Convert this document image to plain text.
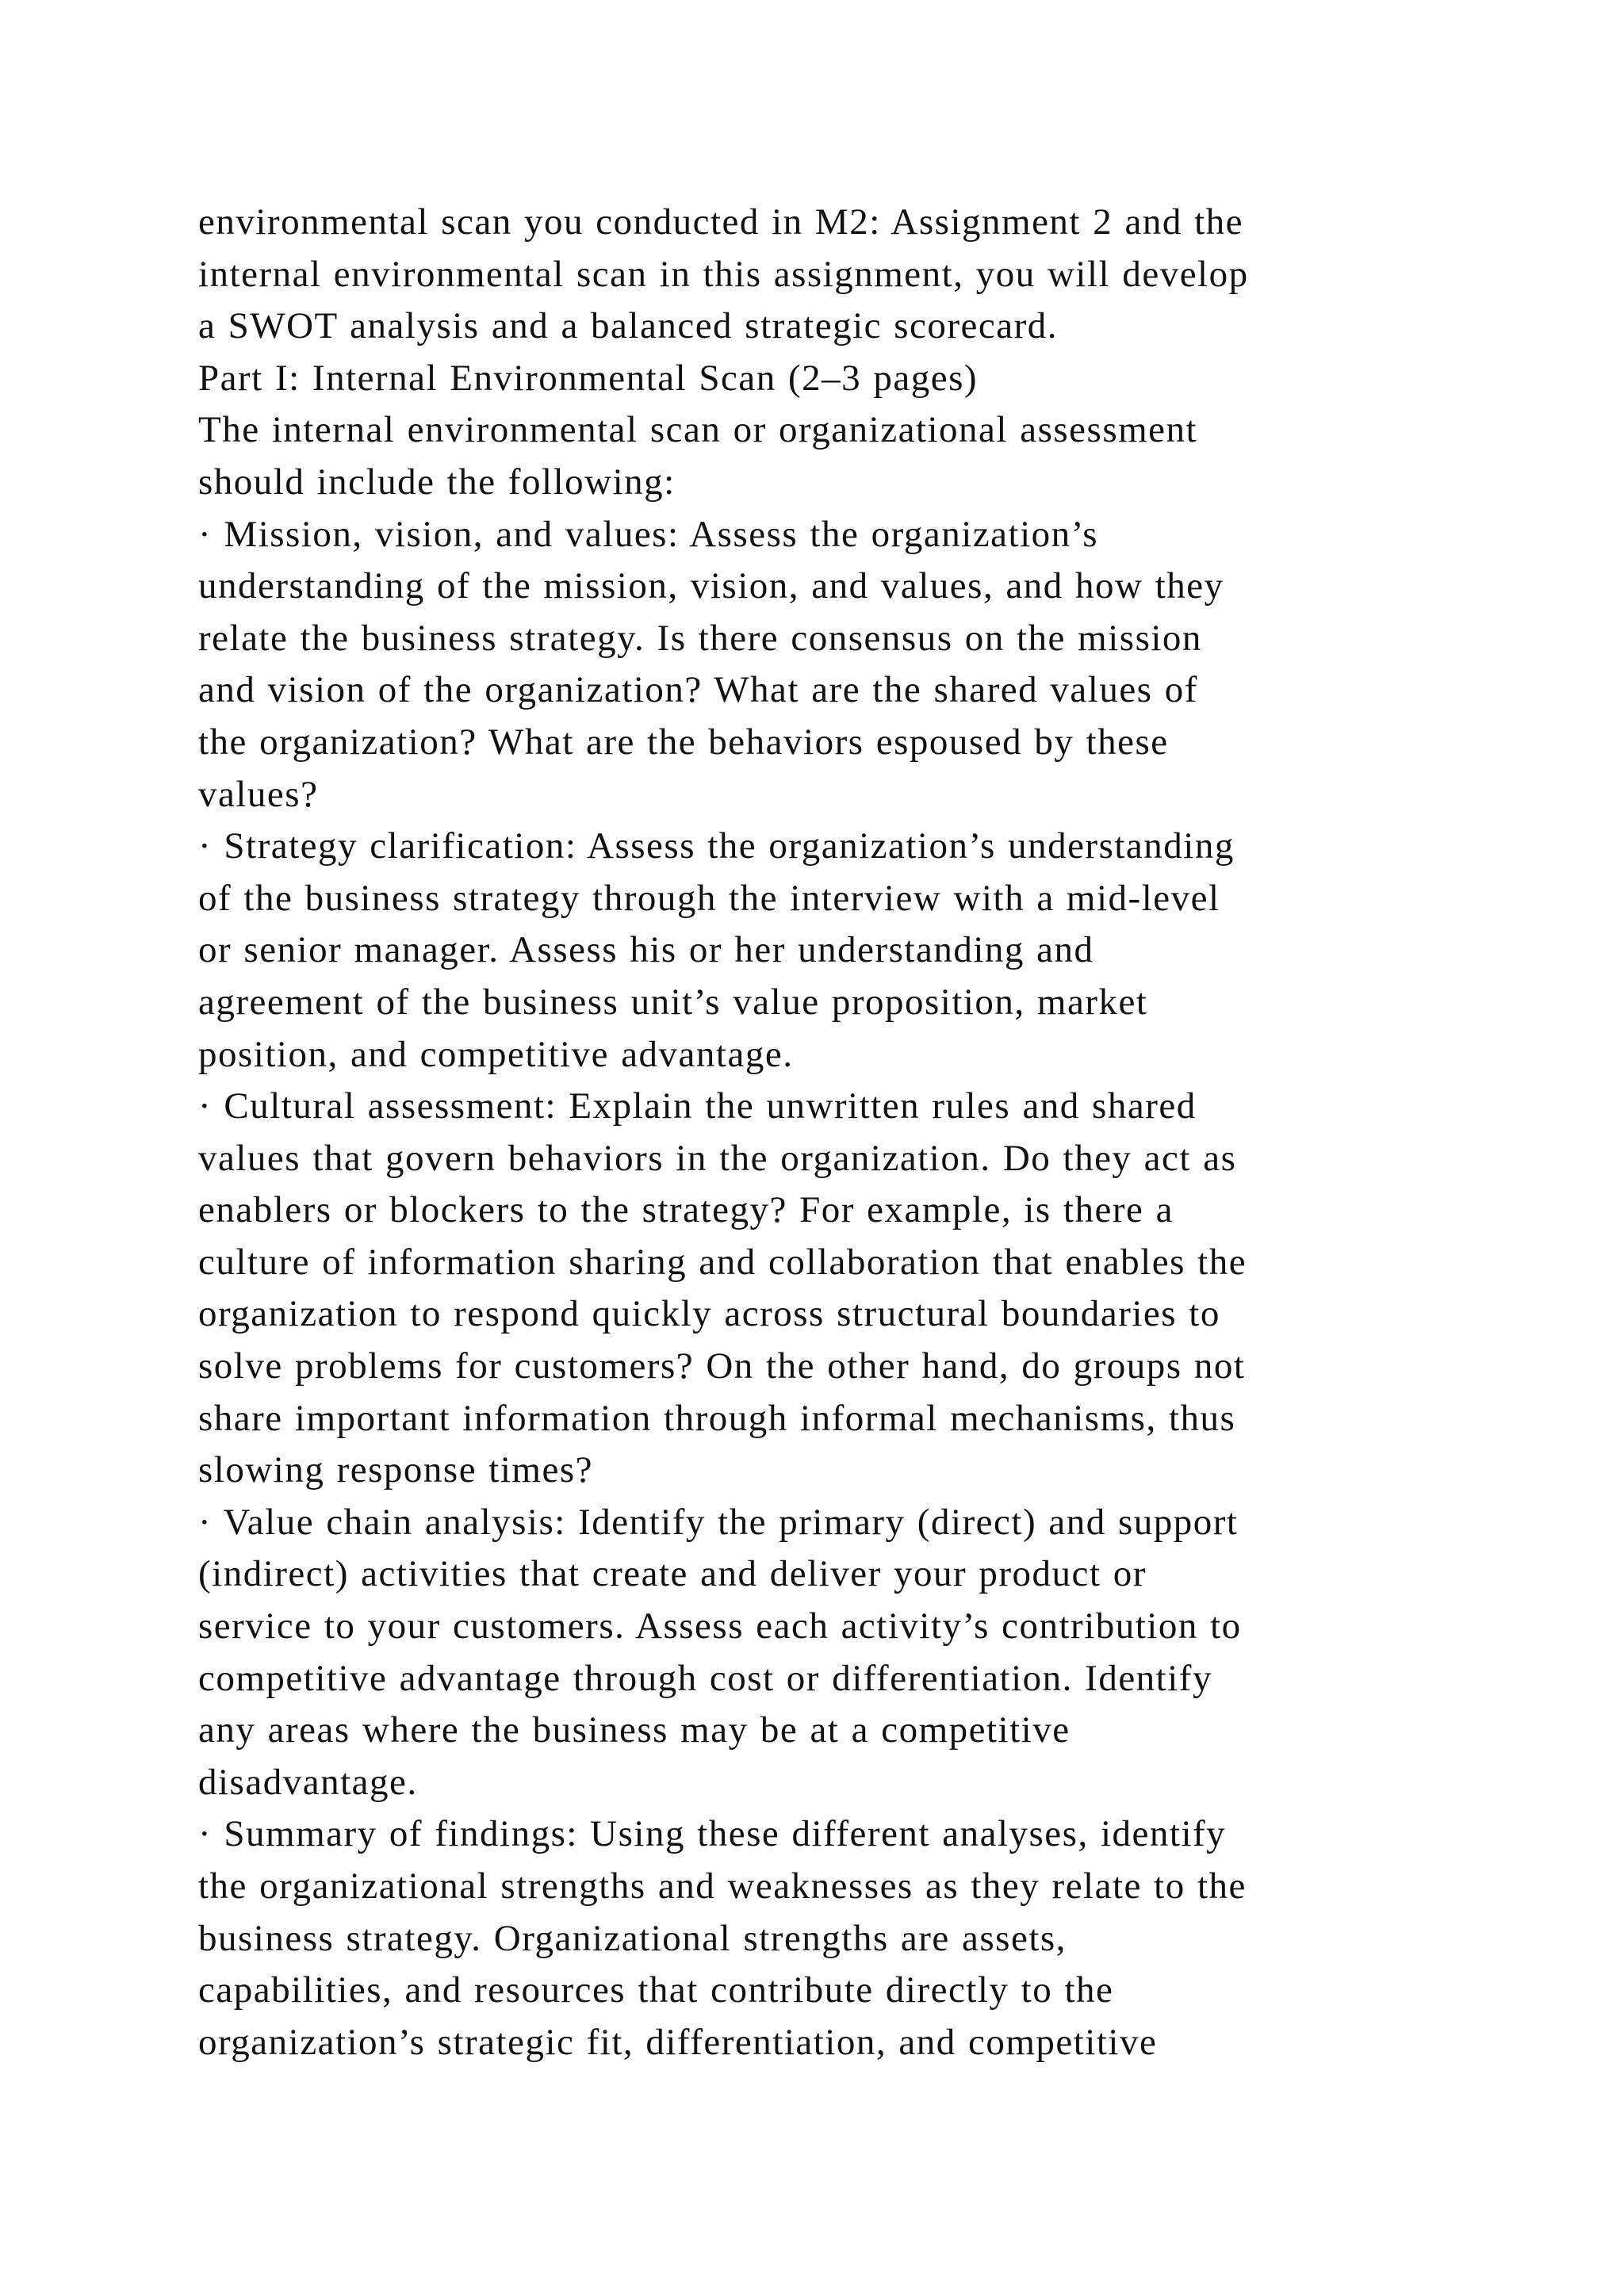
environmental scan you conducted in M2: Assignment 2 and the
internal environmental scan in this assignment, you will develop
a SWOT analysis and a balanced strategic scorecard.
Part I: Internal Environmental Scan (2–3 pages)
The internal environmental scan or organizational assessment
should include the following:
· Mission, vision, and values: Assess the organization’s
understanding of the mission, vision, and values, and how they
relate the business strategy. Is there consensus on the mission
and vision of the organization? What are the shared values of
the organization? What are the behaviors espoused by these
values?
· Strategy clarification: Assess the organization’s understanding
of the business strategy through the interview with a mid-level
or senior manager. Assess his or her understanding and
agreement of the business unit’s value proposition, market
position, and competitive advantage.
· Cultural assessment: Explain the unwritten rules and shared
values that govern behaviors in the organization. Do they act as
enablers or blockers to the strategy? For example, is there a
culture of information sharing and collaboration that enables the
organization to respond quickly across structural boundaries to
solve problems for customers? On the other hand, do groups not
share important information through informal mechanisms, thus
slowing response times?
· Value chain analysis: Identify the primary (direct) and support
(indirect) activities that create and deliver your product or
service to your customers. Assess each activity’s contribution to
competitive advantage through cost or differentiation. Identify
any areas where the business may be at a competitive
disadvantage.
· Summary of findings: Using these different analyses, identify
the organizational strengths and weaknesses as they relate to the
business strategy. Organizational strengths are assets,
capabilities, and resources that contribute directly to the
organization’s strategic fit, differentiation, and competitive
